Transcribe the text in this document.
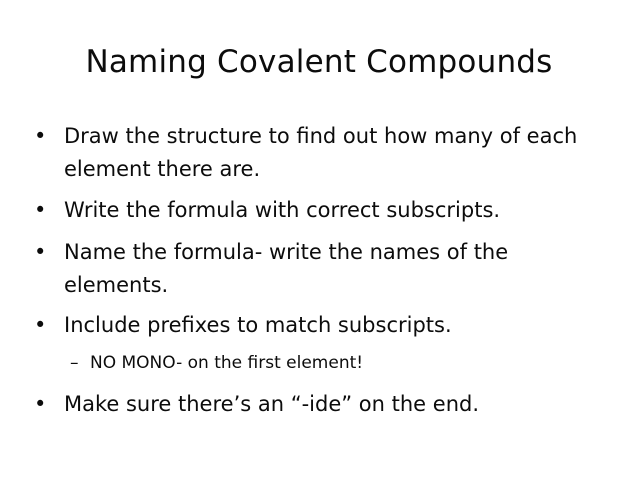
Naming Covalent Compounds
• Draw the structure to find out how many of each element there are.
• Write the formula with correct subscripts.
• Name the formula- write the names of the elements.
• Include prefixes to match subscripts.
– NO MONO- on the first element!
• Make sure there’s an “-ide” on the end.
